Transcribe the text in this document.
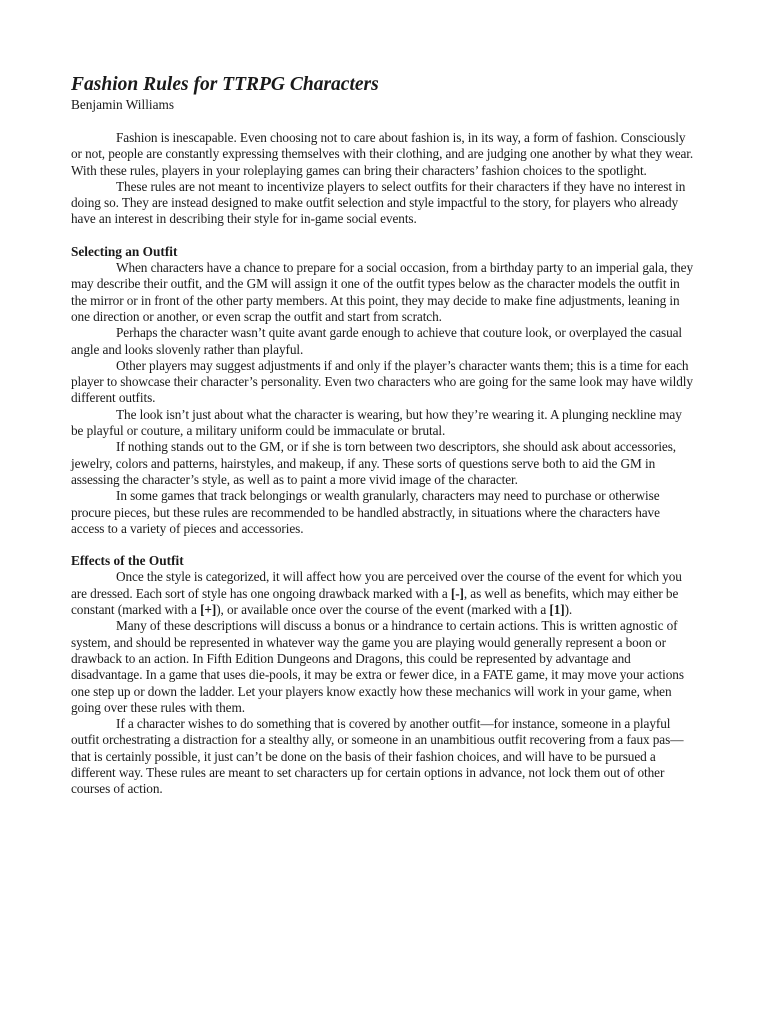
Fashion Rules for TTRPG Characters

Benjamin Williams

Fashion is inescapable. Even choosing not to care about fashion is, in its way, a form of fashion. Consciously or not, people are constantly expressing themselves with their clothing, and are judging one another by what they wear. With these rules, players in your roleplaying games can bring their characters’ fashion choices to the spotlight.

These rules are not meant to incentivize players to select outfits for their characters if they have no interest in doing so. They are instead designed to make outfit selection and style impactful to the story, for players who already have an interest in describing their style for in-game social events.

Selecting an Outfit

When characters have a chance to prepare for a social occasion, from a birthday party to an imperial gala, they may describe their outfit, and the GM will assign it one of the outfit types below as the character models the outfit in the mirror or in front of the other party members. At this point, they may decide to make fine adjustments, leaning in one direction or another, or even scrap the outfit and start from scratch.

Perhaps the character wasn’t quite avant garde enough to achieve that couture look, or overplayed the casual angle and looks slovenly rather than playful.

Other players may suggest adjustments if and only if the player’s character wants them; this is a time for each player to showcase their character’s personality. Even two characters who are going for the same look may have wildly different outfits.

The look isn’t just about what the character is wearing, but how they’re wearing it. A plunging neckline may be playful or couture, a military uniform could be immaculate or brutal.

If nothing stands out to the GM, or if she is torn between two descriptors, she should ask about accessories, jewelry, colors and patterns, hairstyles, and makeup, if any. These sorts of questions serve both to aid the GM in assessing the character’s style, as well as to paint a more vivid image of the character.

In some games that track belongings or wealth granularly, characters may need to purchase or otherwise procure pieces, but these rules are recommended to be handled abstractly, in situations where the characters have access to a variety of pieces and accessories.

Effects of the Outfit

Once the style is categorized, it will affect how you are perceived over the course of the event for which you are dressed. Each sort of style has one ongoing drawback marked with a [-], as well as benefits, which may either be constant (marked with a [+]), or available once over the course of the event (marked with a [1]).

Many of these descriptions will discuss a bonus or a hindrance to certain actions. This is written agnostic of system, and should be represented in whatever way the game you are playing would generally represent a boon or drawback to an action. In Fifth Edition Dungeons and Dragons, this could be represented by advantage and disadvantage. In a game that uses die-pools, it may be extra or fewer dice, in a FATE game, it may move your actions one step up or down the ladder. Let your players know exactly how these mechanics will work in your game, when going over these rules with them.

If a character wishes to do something that is covered by another outfit—for instance, someone in a playful outfit orchestrating a distraction for a stealthy ally, or someone in an unambitious outfit recovering from a faux pas—that is certainly possible, it just can’t be done on the basis of their fashion choices, and will have to be pursued a different way. These rules are meant to set characters up for certain options in advance, not lock them out of other courses of action.
